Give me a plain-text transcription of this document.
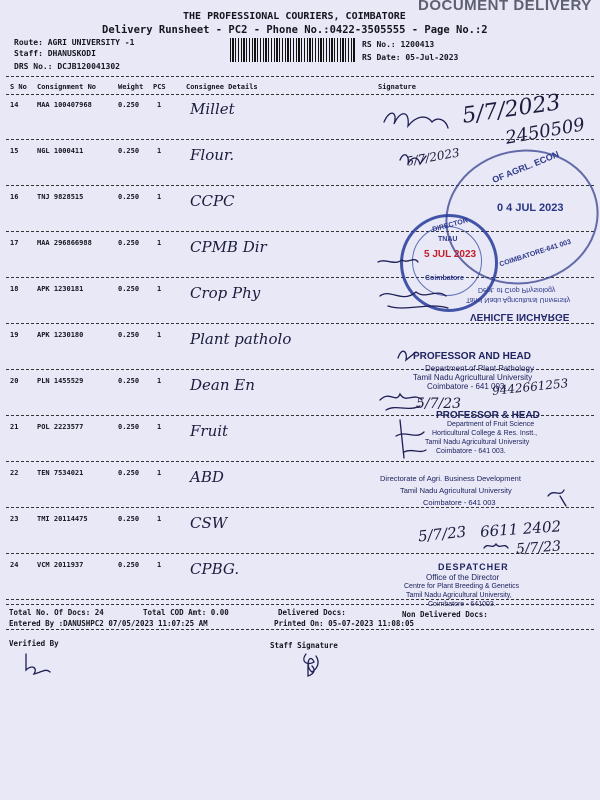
THE PROFESSIONAL COURIERS, COIMBATORE
DOCUMENT DELIVERY
Delivery Runsheet - PC2 - Phone No.:0422-3505555 - Page No.:2
Route: AGRI UNIVERSITY -1
Staff: DHANUSKODI
DRS No.: DCJB120041302
RS No.: 1200413
RS Date: 05-Jul-2023
S No Consignment No	Weight PCS	Consignee Details	Signature
14	MAA 100407968	0.250	1 Millet
15	NGL 1000411	0.250	1 Flour.
16	TNJ 9828515	0.250	1 CCPC
17	MAA 296866988	0.250	1 CPMB Dir
18	APK 1230181	0.250	1 Crop Phy
19	APK 1230180	0.250	1 Plant patholo
20	PLN 1455529	0.250	1 Dean En
21	POL 2223577	0.250	1 Fruit
22	TEN 7534021	0.250	1 ABD
23	TMI 20114475	0.250	1 CSW
24	VCM 2011937	0.250	1 CPBG.
OF AGRL. ECON
0 4 JUL 2023
COIMBATORE-641 003
DIRECTOR
TNAU
5 JUL 2023
Coimbatore
Dept. of Crop Physiology
Tamil Nadu Agricultural University
VEHICLE INCHARGE
PROFESSOR AND HEAD
Department of Plant Pathology
Tamil Nadu Agricultural University
Coimbatore - 641 003.
PROFESSOR & HEAD
Department of Fruit Science
Horticultural College & Res. Instt.,
Tamil Nadu Agricultural University
Coimbatore - 641 003.
Directorate of Agri. Business Development
Tamil Nadu Agricultural University
Coimbatore - 641 003
DESPATCHER
Office of the Director
Centre for Plant Breeding & Genetics
Tamil Nadu Agricultural University,
Coimbatore - 641003.
5/7/2023
2450509
5/7/2023
5/7/23
9442661253
5/7/23 6611 2402
5/7/23
Total No. Of Docs: 24	Total COD Amt: 0.00	Delivered Docs:	Non Delivered Docs:
Entered By :DANUSHPC2 07/05/2023 11:07:25 AM	Printed On: 05-07-2023 11:08:05
Verified By	Staff Signature
